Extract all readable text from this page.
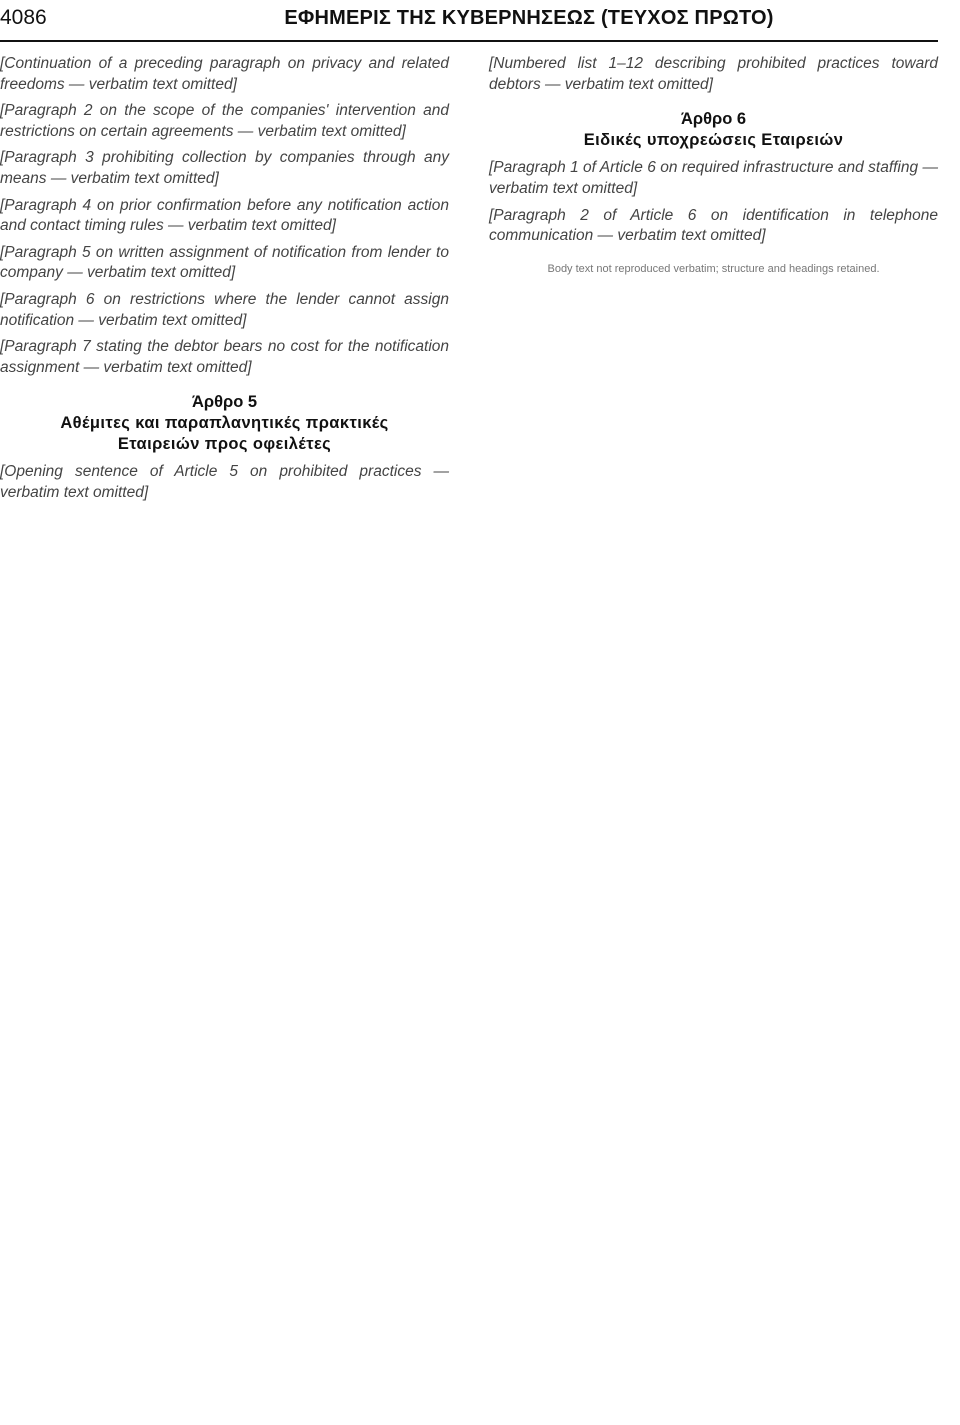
4086	ΕΦΗΜΕΡΙΣ ΤΗΣ ΚΥΒΕΡΝΗΣΕΩΣ (ΤΕΥΧΟΣ ΠΡΩΤΟ)

[Continuation of a preceding paragraph on privacy and related freedoms — verbatim text omitted]

[Paragraph 2 on the scope of the companies' intervention and restrictions on certain agreements — verbatim text omitted]

[Paragraph 3 prohibiting collection by companies through any means — verbatim text omitted]

[Paragraph 4 on prior confirmation before any notification action and contact timing rules — verbatim text omitted]

[Paragraph 5 on written assignment of notification from lender to company — verbatim text omitted]

[Paragraph 6 on restrictions where the lender cannot assign notification — verbatim text omitted]

[Paragraph 7 stating the debtor bears no cost for the notification assignment — verbatim text omitted]

Άρθρο 5
Αθέμιτες και παραπλανητικές πρακτικές
Εταιρειών προς οφειλέτες

[Opening sentence of Article 5 on prohibited practices — verbatim text omitted]

[Numbered list 1–12 describing prohibited practices toward debtors — verbatim text omitted]

Άρθρο 6
Ειδικές υποχρεώσεις Εταιρειών

[Paragraph 1 of Article 6 on required infrastructure and staffing — verbatim text omitted]

[Paragraph 2 of Article 6 on identification in telephone communication — verbatim text omitted]

Body text not reproduced verbatim; structure and headings retained.
